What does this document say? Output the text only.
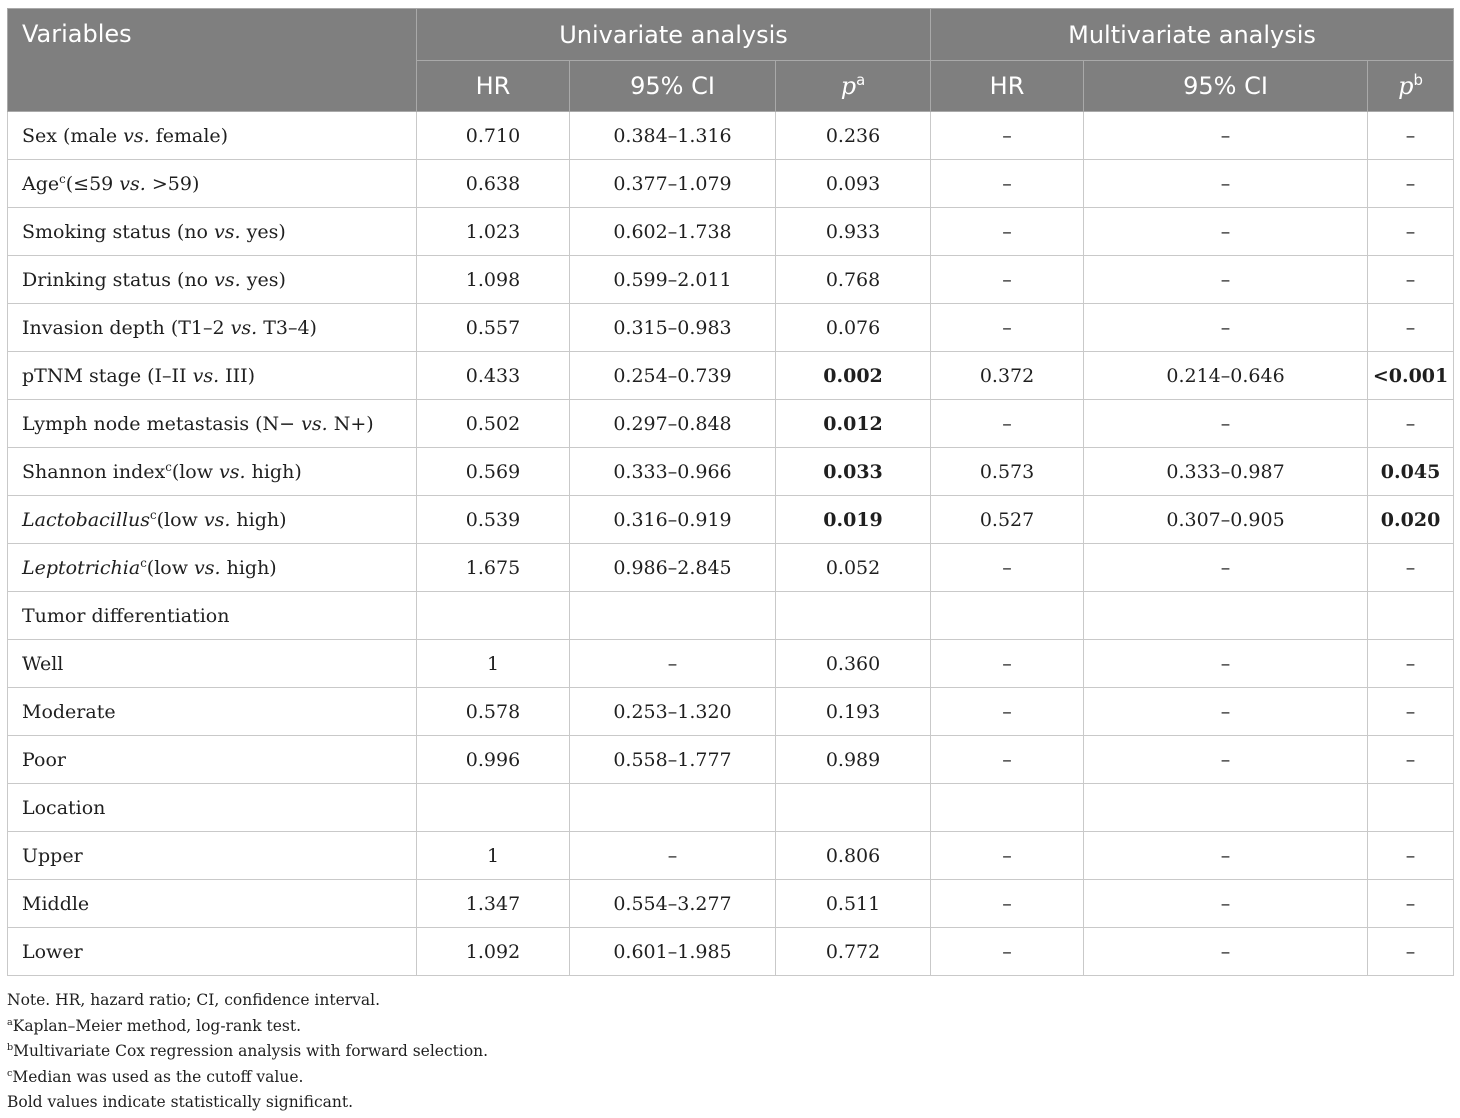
Variables	Univariate analysis			Multivariate analysis		
	HR	95% CI	$p^a$	HR	95% CI	$p^b$
Sex (male vs. female)	0.710	0.384–1.316	0.236	–	–	–
Age$^c$(≤59 vs. >59)	0.638	0.377–1.079	0.093	–	–	–
Smoking status (no vs. yes)	1.023	0.602–1.738	0.933	–	–	–
Drinking status (no vs. yes)	1.098	0.599–2.011	0.768	–	–	–
Invasion depth (T1–2 vs. T3–4)	0.557	0.315–0.983	0.076	–	–	–
pTNM stage (I–II vs. III)	0.433	0.254–0.739	0.002	0.372	0.214–0.646	<0.001
Lymph node metastasis (N− vs. N+)	0.502	0.297–0.848	0.012	–	–	–
Shannon index$^c$(low vs. high)	0.569	0.333–0.966	0.033	0.573	0.333–0.987	0.045
Lactobacillus$^c$(low vs. high)	0.539	0.316–0.919	0.019	0.527	0.307–0.905	0.020
Leptotrichia$^c$(low vs. high)	1.675	0.986–2.845	0.052	–	–	–
Tumor differentiation						
Well	1	–	0.360	–	–	–
Moderate	0.578	0.253–1.320	0.193	–	–	–
Poor	0.996	0.558–1.777	0.989	–	–	–
Location						
Upper	1	–	0.806	–	–	–
Middle	1.347	0.554–3.277	0.511	–	–	–
Lower	1.092	0.601–1.985	0.772	–	–	–
Note. HR, hazard ratio; CI, confidence interval.
$^a$Kaplan–Meier method, log-rank test.
$^b$Multivariate Cox regression analysis with forward selection.
$^c$Median was used as the cutoff value.
Bold values indicate statistically significant.
